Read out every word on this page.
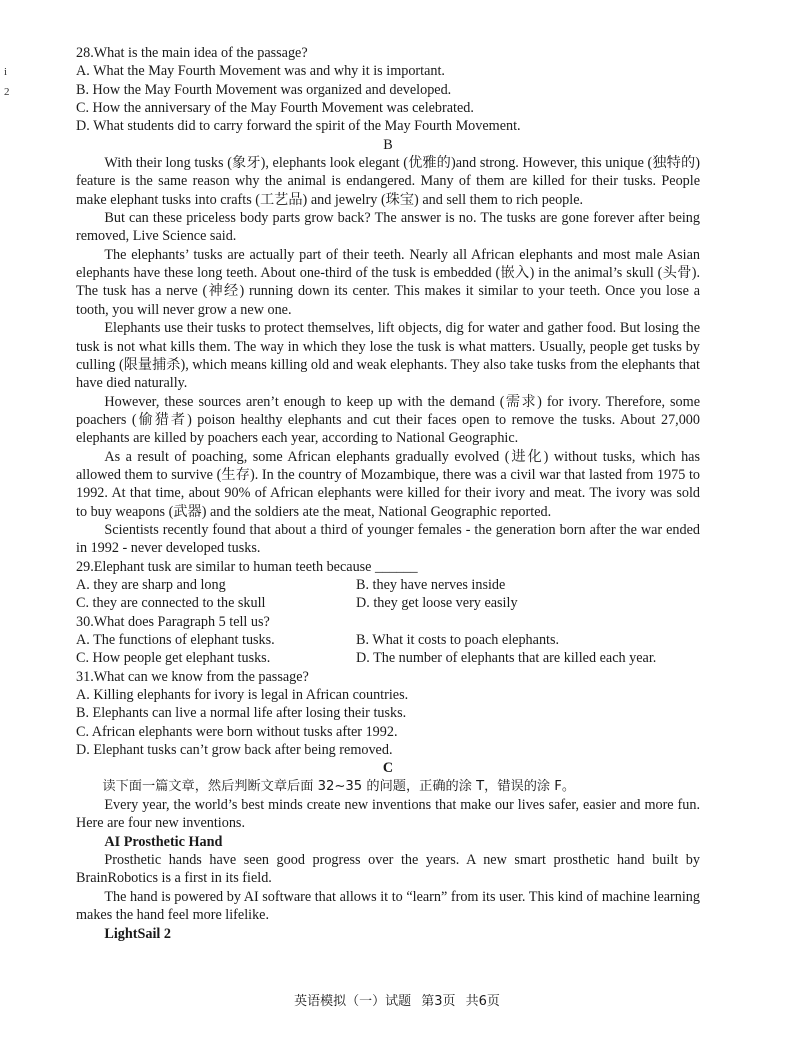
i
2
28.What is the main idea of the passage?
A. What the May Fourth Movement was and why it is important.
B. How the May Fourth Movement was organized and developed.
C. How the anniversary of the May Fourth Movement was celebrated.
D. What students did to carry forward the spirit of the May Fourth Movement.
B
With their long tusks (象牙), elephants look elegant (优雅的)and strong. However, this unique (独特的) feature is the same reason why the animal is endangered. Many of them are killed for their tusks. People make elephant tusks into crafts (工艺品) and jewelry (珠宝) and sell them to rich people.
But can these priceless body parts grow back? The answer is no. The tusks are gone forever after being removed, Live Science said.
The elephants’ tusks are actually part of their teeth. Nearly all African elephants and most male Asian elephants have these long teeth. About one-third of the tusk is embedded (嵌入) in the animal’s skull (头骨). The tusk has a nerve (神经) running down its center. This makes it similar to your teeth. Once you lose a tooth, you will never grow a new one.
Elephants use their tusks to protect themselves, lift objects, dig for water and gather food. But losing the tusk is not what kills them. The way in which they lose the tusk is what matters. Usually, people get tusks by culling (限量捕杀), which means killing old and weak elephants. They also take tusks from the elephants that have died naturally.
However, these sources aren’t enough to keep up with the demand (需求) for ivory. Therefore, some poachers (偷猎者) poison healthy elephants and cut their faces open to remove the tusks. About 27,000 elephants are killed by poachers each year, according to National Geographic.
As a result of poaching, some African elephants gradually evolved (进化) without tusks, which has allowed them to survive (生存). In the country of Mozambique, there was a civil war that lasted from 1975 to 1992. At that time, about 90% of African elephants were killed for their ivory and meat. The ivory was sold to buy weapons (武器) and the soldiers ate the meat, National Geographic reported.
Scientists recently found that about a third of younger females - the generation born after the war ended in 1992 - never developed tusks.
29.Elephant tusk are similar to human teeth because ______
A. they are sharp and long	B. they have nerves inside
C. they are connected to the skull	D. they get loose very easily
30.What does Paragraph 5 tell us?
A. The functions of elephant tusks.	B. What it costs to poach elephants.
C. How people get elephant tusks.	D. The number of elephants that are killed each year.
31.What can we know from the passage?
A. Killing elephants for ivory is legal in African countries.
B. Elephants can live a normal life after losing their tusks.
C. African elephants were born without tusks after 1992.
D. Elephant tusks can’t grow back after being removed.
C
读下面一篇文章，然后判断文章后面 32~35 的问题，正确的涂 T，错误的涂 F。
Every year, the world’s best minds create new inventions that make our lives safer, easier and more fun. Here are four new inventions.
AI Prosthetic Hand
Prosthetic hands have seen good progress over the years. A new smart prosthetic hand built by BrainRobotics is a first in its field.
The hand is powered by AI software that allows it to “learn” from its user. This kind of machine learning makes the hand feel more lifelike.
LightSail 2
英语模拟（一）试题 第3页 共6页
